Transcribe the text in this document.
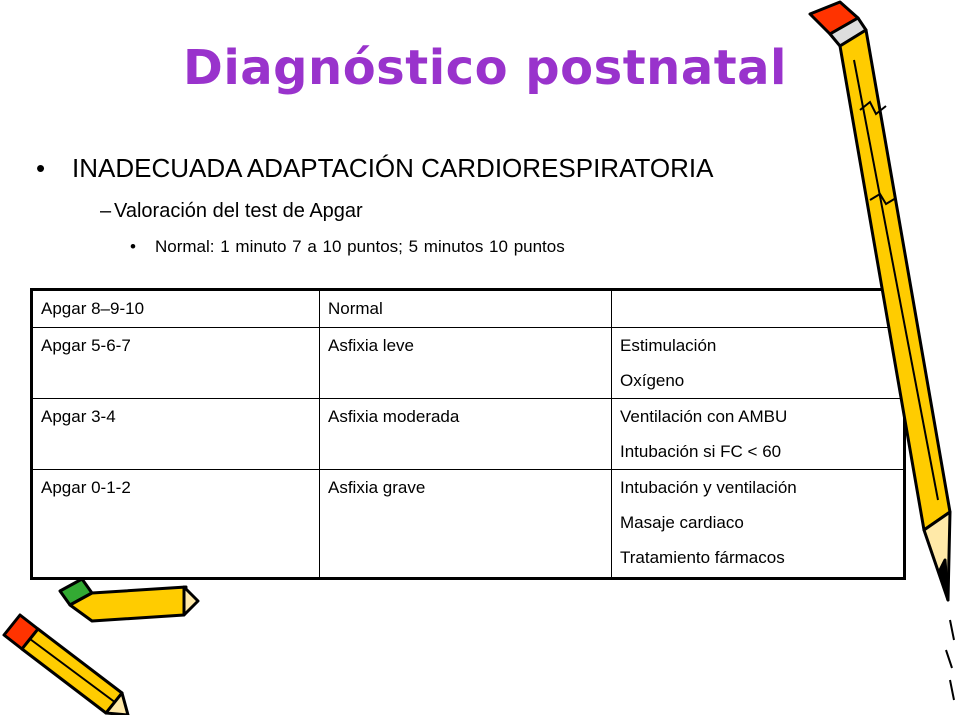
Diagnóstico postnatal
• INADECUADA ADAPTACIÓN CARDIORESPIRATORIA
– Valoración del test de Apgar
• Normal: 1 minuto 7 a 10 puntos; 5 minutos 10 puntos
Apgar 8–9-10	Normal	
Apgar 5-6-7	Asfixia leve	Estimulación
Oxígeno

Apgar 3-4	Asfixia moderada	Ventilación con AMBU
Intubación si FC < 60

Apgar 0-1-2	Asfixia grave	Intubación y ventilación
Masaje cardiaco
Tratamiento fármacos
